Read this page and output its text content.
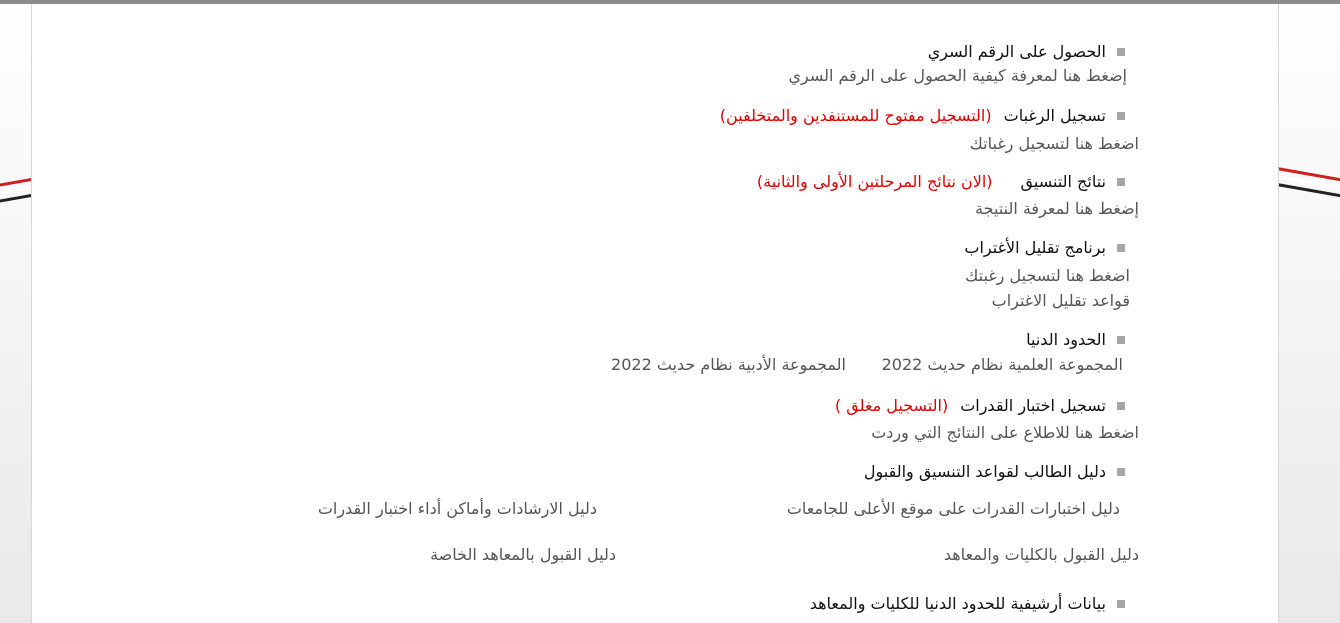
الحصول على الرقم السري
إضغط هنا لمعرفة كيفية الحصول على الرقم السري
تسجيل الرغبات
(التسجيل مفتوح للمستنفدين والمتخلفين)
اضغط هنا لتسجيل رغباتك
نتائج التنسيق
(الان نتائج المرحلتين الأولى والثانية)
إضغط هنا لمعرفة النتيجة
برنامج تقليل الأغتراب
اضغط هنا لتسجيل رغبتك
قواعد تقليل الاغتراب
الحدود الدنيا
المجموعة العلمية نظام حديث 2022
المجموعة الأدبية نظام حديث 2022
تسجيل اختبار القدرات
(التسجيل مغلق )
اضغط هنا للاطلاع على النتائج التي وردت
دليل الطالب لقواعد التنسيق والقبول
دليل اختبارات القدرات على موقع الأعلى للجامعات
دليل الارشادات وأماكن أداء اختبار القدرات
دليل القبول بالكليات والمعاهد
دليل القبول بالمعاهد الخاصة
بيانات أرشيفية للحدود الدنيا للكليات والمعاهد
